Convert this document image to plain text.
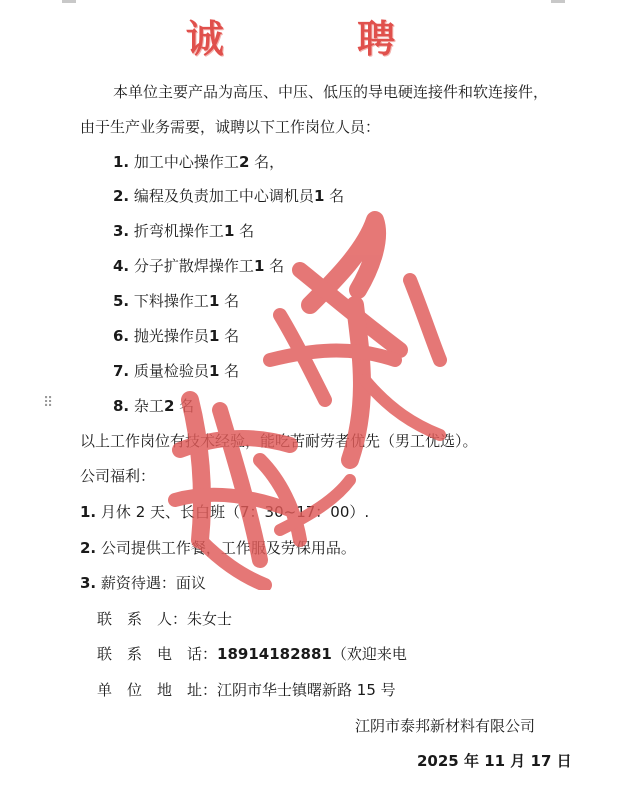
诚 聘
本单位主要产品为高压、中压、低压的导电硬连接件和软连接件，
由于生产业务需要，诚聘以下工作岗位人员：
1. 加工中心操作工2 名，
2. 编程及负责加工中心调机员1 名
3. 折弯机操作工1 名
4. 分子扩散焊操作工1 名
5. 下料操作工1 名
6. 抛光操作员1 名
7. 质量检验员1 名
8. 杂工2 名
⠿
以上工作岗位有技术经验，能吃苦耐劳者优先（男工优选）。
公司福利：
1. 月休 2 天、长白班（7：30~17：00）.
2. 公司提供工作餐，工作服及劳保用品。
3. 薪资待遇：面议
联　系　人：朱女士
联　系　电　话：18914182881（欢迎来电
单　位　地　址：江阴市华士镇曙新路 15 号
江阴市泰邦新材料有限公司
2025 年 11 月 17 日
